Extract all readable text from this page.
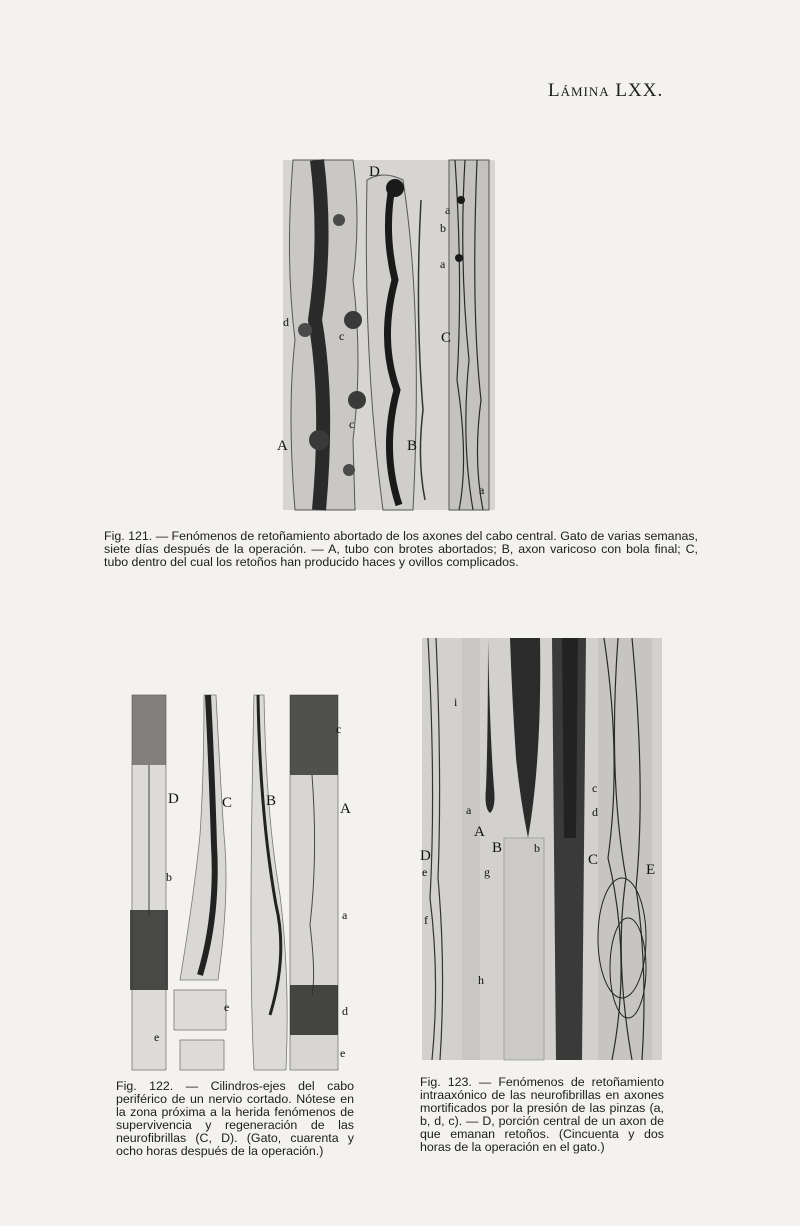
Lámina LXX.
A	B
C
D
a
b
a
c
c
d
a
Fig. 121. — Fenómenos de retoñamiento abortado de los axones del cabo central. Gato de varias semanas, siete días después de la operación. — A, tubo con brotes abortados; B, axon varicoso con bola final; C, tubo dentro del cual los retoños han producido haces y ovillos complicados.
D	C B	A
c
b
a
d
e
e
e
Fig. 122. — Cilindros-ejes del cabo periférico de un nervio cortado. Nótese en la zona próxima a la herida fenómenos de supervivencia y regeneración de las neurofibrillas (C, D). (Gato, cuarenta y ocho horas después de la operación.)
i
a
A
B	b
c
d
C
E
D
e	g
f
h
Fig. 123. — Fenómenos de retoñamiento intraaxónico de las neurofibrillas en axones mortificados por la presión de las pinzas (a, b, d, c). — D, porción central de un axon de que emanan retoños. (Cincuenta y dos horas de la operación en el gato.)
